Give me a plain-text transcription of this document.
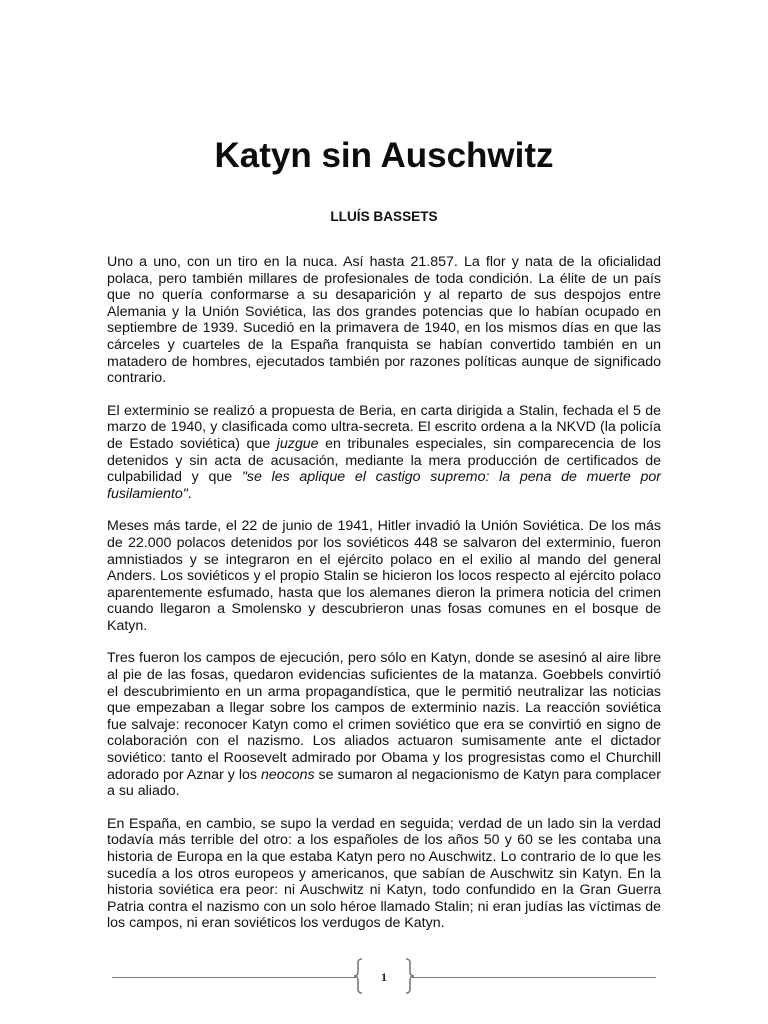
Katyn sin Auschwitz
LLUÍS BASSETS

Uno a uno, con un tiro en la nuca. Así hasta 21.857. La flor y nata de la oficialidad polaca, pero también millares de profesionales de toda condición. La élite de un país que no quería conformarse a su desaparición y al reparto de sus despojos entre Alemania y la Unión Soviética, las dos grandes potencias que lo habían ocupado en septiembre de 1939. Sucedió en la primavera de 1940, en los mismos días en que las cárceles y cuarteles de la España franquista se habían convertido también en un matadero de hombres, ejecutados también por razones políticas aunque de significado contrario.

El exterminio se realizó a propuesta de Beria, en carta dirigida a Stalin, fechada el 5 de marzo de 1940, y clasificada como ultra-secreta. El escrito ordena a la NKVD (la policía de Estado soviética) que juzgue en tribunales especiales, sin comparecencia de los detenidos y sin acta de acusación, mediante la mera producción de certificados de culpabilidad y que "se les aplique el castigo supremo: la pena de muerte por fusilamiento".

Meses más tarde, el 22 de junio de 1941, Hitler invadió la Unión Soviética. De los más de 22.000 polacos detenidos por los soviéticos 448 se salvaron del exterminio, fueron amnistiados y se integraron en el ejército polaco en el exilio al mando del general Anders. Los soviéticos y el propio Stalin se hicieron los locos respecto al ejército polaco aparentemente esfumado, hasta que los alemanes dieron la primera noticia del crimen cuando llegaron a Smolensko y descubrieron unas fosas comunes en el bosque de Katyn.

Tres fueron los campos de ejecución, pero sólo en Katyn, donde se asesinó al aire libre al pie de las fosas, quedaron evidencias suficientes de la matanza. Goebbels convirtió el descubrimiento en un arma propagandística, que le permitió neutralizar las noticias que empezaban a llegar sobre los campos de exterminio nazis. La reacción soviética fue salvaje: reconocer Katyn como el crimen soviético que era se convirtió en signo de colaboración con el nazismo. Los aliados actuaron sumisamente ante el dictador soviético: tanto el Roosevelt admirado por Obama y los progresistas como el Churchill adorado por Aznar y los neocons se sumaron al negacionismo de Katyn para complacer a su aliado.

En España, en cambio, se supo la verdad en seguida; verdad de un lado sin la verdad todavía más terrible del otro: a los españoles de los años 50 y 60 se les contaba una historia de Europa en la que estaba Katyn pero no Auschwitz. Lo contrario de lo que les sucedía a los otros europeos y americanos, que sabían de Auschwitz sin Katyn. En la historia soviética era peor: ni Auschwitz ni Katyn, todo confundido en la Gran Guerra Patria contra el nazismo con un solo héroe llamado Stalin; ni eran judías las víctimas de los campos, ni eran soviéticos los verdugos de Katyn.

1
